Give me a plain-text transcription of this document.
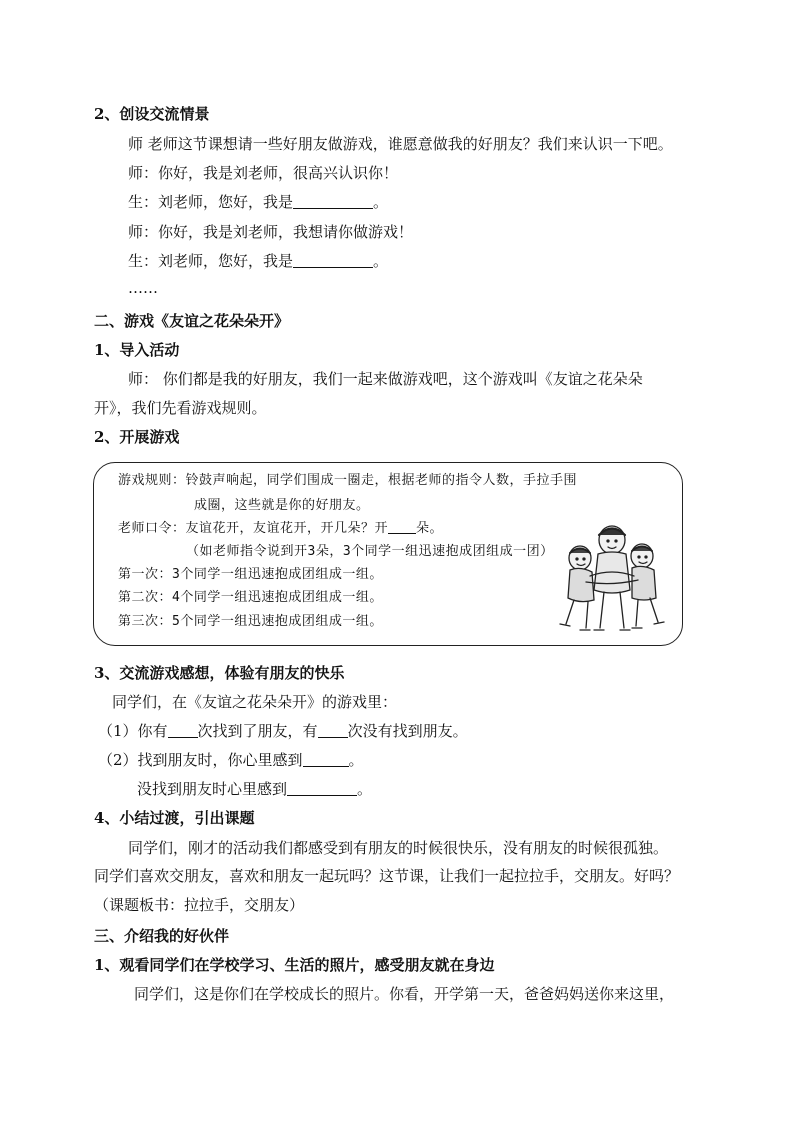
2、创设交流情景
师 老师这节课想请一些好朋友做游戏，谁愿意做我的好朋友？我们来认识一下吧。
师：你好，我是刘老师，很高兴认识你！
生：刘老师，您好，我是	。
师：你好，我是刘老师，我想请你做游戏！
生：刘老师，您好，我是	。
……
二、游戏《友谊之花朵朵开》
1、导入活动
师： 你们都是我的好朋友，我们一起来做游戏吧，这个游戏叫《友谊之花朵朵
开》，我们先看游戏规则。
2、开展游戏
游戏规则：铃鼓声响起，同学们围成一圈走，根据老师的指令人数，手拉手围
成圈，这些就是你的好朋友。
老师口令：友谊花开，友谊花开，开几朵？开 朵。
（如老师指令说到开3朵，3个同学一组迅速抱成团组成一团）
第一次：3个同学一组迅速抱成团组成一组。
第二次：4个同学一组迅速抱成团组成一组。
第三次：5个同学一组迅速抱成团组成一组。
3、交流游戏感想，体验有朋友的快乐
同学们，在《友谊之花朵朵开》的游戏里：
（1）你有 次找到了朋友，有 次没有找到朋友。
（2）找到朋友时，你心里感到	。
没找到朋友时心里感到	。
4、小结过渡，引出课题
同学们，刚才的活动我们都感受到有朋友的时候很快乐，没有朋友的时候很孤独。
同学们喜欢交朋友，喜欢和朋友一起玩吗？这节课，让我们一起拉拉手，交朋友。好吗？
（课题板书：拉拉手，交朋友）
三、介绍我的好伙伴
1、观看同学们在学校学习、生活的照片，感受朋友就在身边
同学们，这是你们在学校成长的照片。你看，开学第一天，爸爸妈妈送你来这里，
